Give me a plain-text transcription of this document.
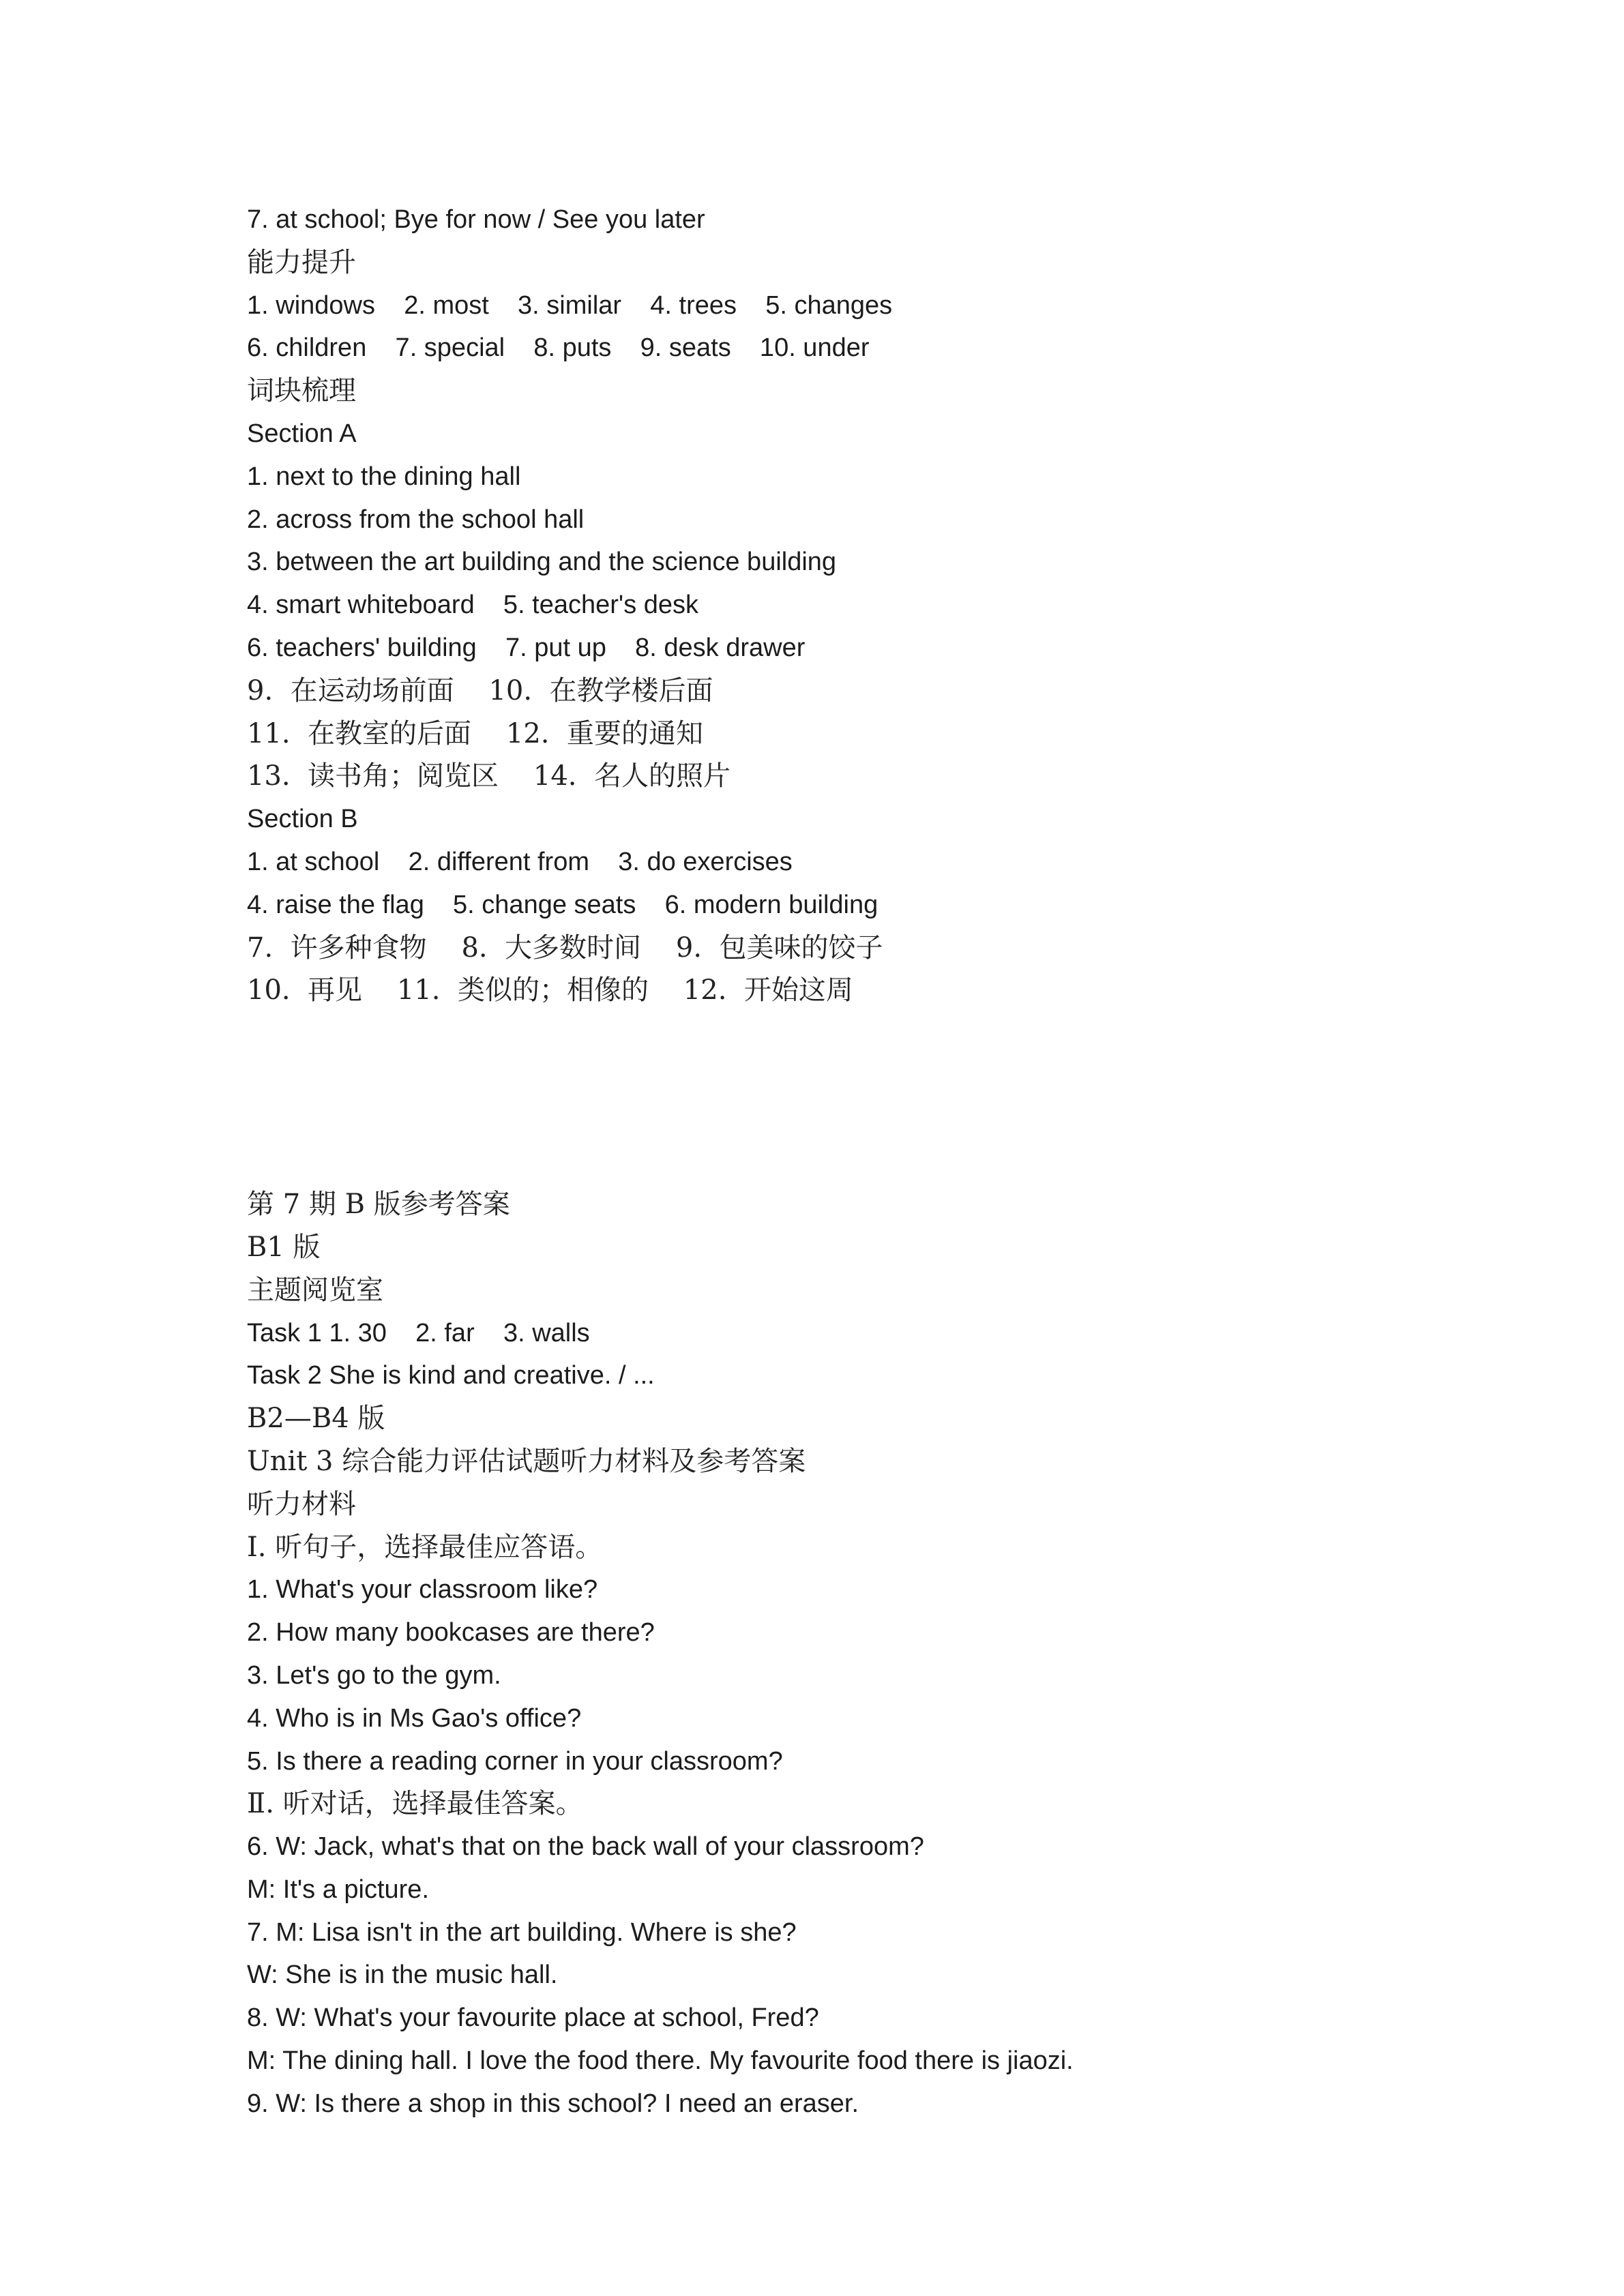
7. at school; Bye for now / See you later
能力提升
1. windows    2. most    3. similar    4. trees    5. changes
6. children    7. special    8. puts    9. seats    10. under
词块梳理
Section A
1. next to the dining hall
2. across from the school hall
3. between the art building and the science building
4. smart whiteboard    5. teacher's desk
6. teachers' building    7. put up    8. desk drawer
9.  在运动场前面    10.  在教学楼后面
11.  在教室的后面    12.  重要的通知
13.  读书角；阅览区    14.  名人的照片
Section B
1. at school    2. different from    3. do exercises
4. raise the flag    5. change seats    6. modern building
7.  许多种食物    8.  大多数时间    9.  包美味的饺子
10.  再见    11.  类似的；相像的    12.  开始这周
第 7 期 B 版参考答案
B1 版
主题阅览室
Task 1 1. 30    2. far    3. walls
Task 2 She is kind and creative. / ...
B2—B4 版
Unit 3 综合能力评估试题听力材料及参考答案
听力材料
Ⅰ. 听句子，选择最佳应答语。
1. What's your classroom like?
2. How many bookcases are there?
3. Let's go to the gym.
4. Who is in Ms Gao's office?
5. Is there a reading corner in your classroom?
Ⅱ. 听对话，选择最佳答案。
6. W: Jack, what's that on the back wall of your classroom?
M: It's a picture.
7. M: Lisa isn't in the art building. Where is she?
W: She is in the music hall.
8. W: What's your favourite place at school, Fred?
M: The dining hall. I love the food there. My favourite food there is jiaozi.
9. W: Is there a shop in this school? I need an eraser.
